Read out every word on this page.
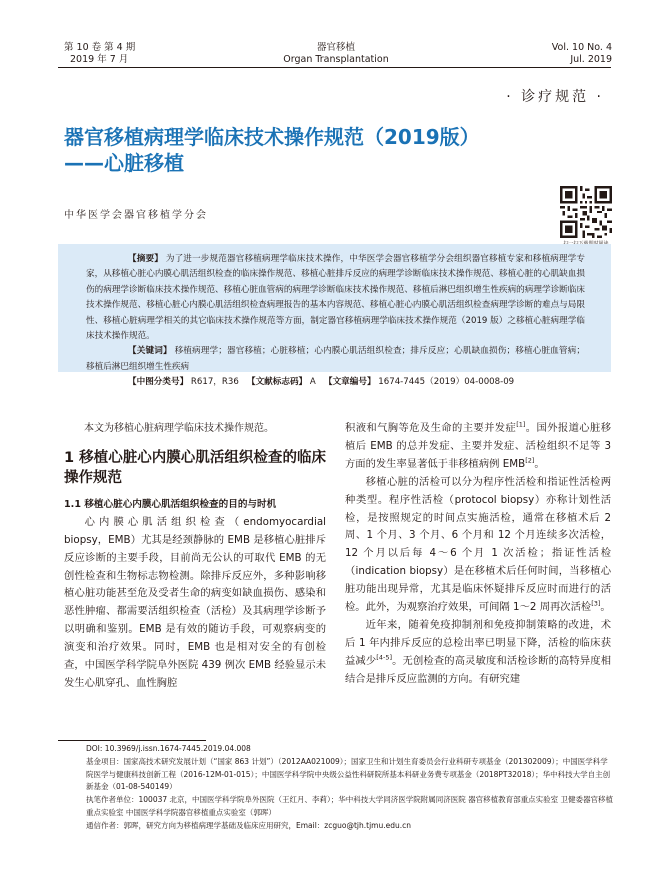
第 10 卷 第 4 期
2019 年 7 月
器官移植
Organ Transplantation
Vol. 10 No. 4
Jul. 2019
· 诊疗规范 ·
器官移植病理学临床技术操作规范（2019版）
——心脏移植
中华医学会器官移植学分会

【摘要】 为了进一步规范器官移植病理学临床技术操作，中华医学会器官移植学分会组织器官移植专家和移植病理学专家，从移植心脏心内膜心肌活组织检查的临床操作规范、移植心脏排斥反应的病理学诊断临床技术操作规范、移植心脏的心肌缺血损伤的病理学诊断临床技术操作规范、移植心脏血管病的病理学诊断临床技术操作规范、移植后淋巴组织增生性疾病的病理学诊断临床技术操作规范、移植心脏心内膜心肌活组织检查病理报告的基本内容规范、移植心脏心内膜心肌活组织检查病理学诊断的难点与局限性、移植心脏病理学相关的其它临床技术操作规范等方面，制定器官移植病理学临床技术操作规范（2019 版）之移植心脏病理学临床技术操作规范。

【关键词】 移植病理学；器官移植；心脏移植；心内膜心肌活组织检查；排斥反应；心肌缺血损伤；移植心脏血管病；移植后淋巴组织增生性疾病

【中图分类号】 R617，R36 【文献标志码】 A 【文章编号】 1674-7445（2019）04-0008-09

本文为移植心脏病理学临床技术操作规范。

1 移植心脏心内膜心肌活组织检查的临床操作规范

1.1 移植心脏心内膜心肌活组织检查的目的与时机

心内膜心肌活组织检查（endomyocardial biopsy，EMB）尤其是经颈静脉的 EMB 是移植心脏排斥反应诊断的主要手段，目前尚无公认的可取代 EMB 的无创性检查和生物标志物检测。除排斥反应外，多种影响移植心脏功能甚至危及受者生命的病变如缺血损伤、感染和恶性肿瘤、都需要活组织检查（活检）及其病理学诊断予以明确和鉴别。EMB 是有效的随访手段，可观察病变的演变和治疗效果。同时，EMB 也是相对安全的有创检查，中国医学科学院阜外医院 439 例次 EMB 经验显示未发生心肌穿孔、血性胸腔

积液和气胸等危及生命的主要并发症[1]。国外报道心脏移植后 EMB 的总并发症、主要并发症、活检组织不足等 3 方面的发生率显著低于非移植病例 EMB[2]。

移植心脏的活检可以分为程序性活检和指证性活检两种类型。程序性活检（protocol biopsy）亦称计划性活检，是按照规定的时间点实施活检，通常在移植术后 2 周、1 个月、3 个月、6 个月和 12 个月连续多次活检，12 个月以后每 4～6 个月 1 次活检；指证性活检（indication biopsy）是在移植术后任何时间，当移植心脏功能出现异常，尤其是临床怀疑排斥反应时而进行的活检。此外，为观察治疗效果，可间隔 1～2 周再次活检[3]。

近年来，随着免疫抑制剂和免疫抑制策略的改进，术后 1 年内排斥反应的总检出率已明显下降，活检的临床获益减少[4-5]。无创检查的高灵敏度和活检诊断的高特异度相结合是排斥反应监测的方向。有研究建

DOI: 10.3969/j.issn.1674-7445.2019.04.008

基金项目：国家高技术研究发展计划（“国家 863 计划”）（2012AA021009）；国家卫生和计划生育委员会行业科研专项基金（201302009）；中国医学科学院医学与健康科技创新工程（2016-12M-01-015）；中国医学科学院中央级公益性科研院所基本科研业务费专项基金（2018PT32018）；华中科技大学自主创新基金（01-08-540149）

执笔作者单位：100037 北京，中国医学科学院阜外医院（王红月、李莉）；华中科技大学同济医学院附属同济医院 器官移植教育部重点实验室 卫健委器官移植重点实验室 中国医学科学院器官移植重点实验室（郭晖）

通信作者：郭晖，研究方向为移植病理学基础及临床应用研究，Email：zcguo@tjh.tjmu.edu.cn
